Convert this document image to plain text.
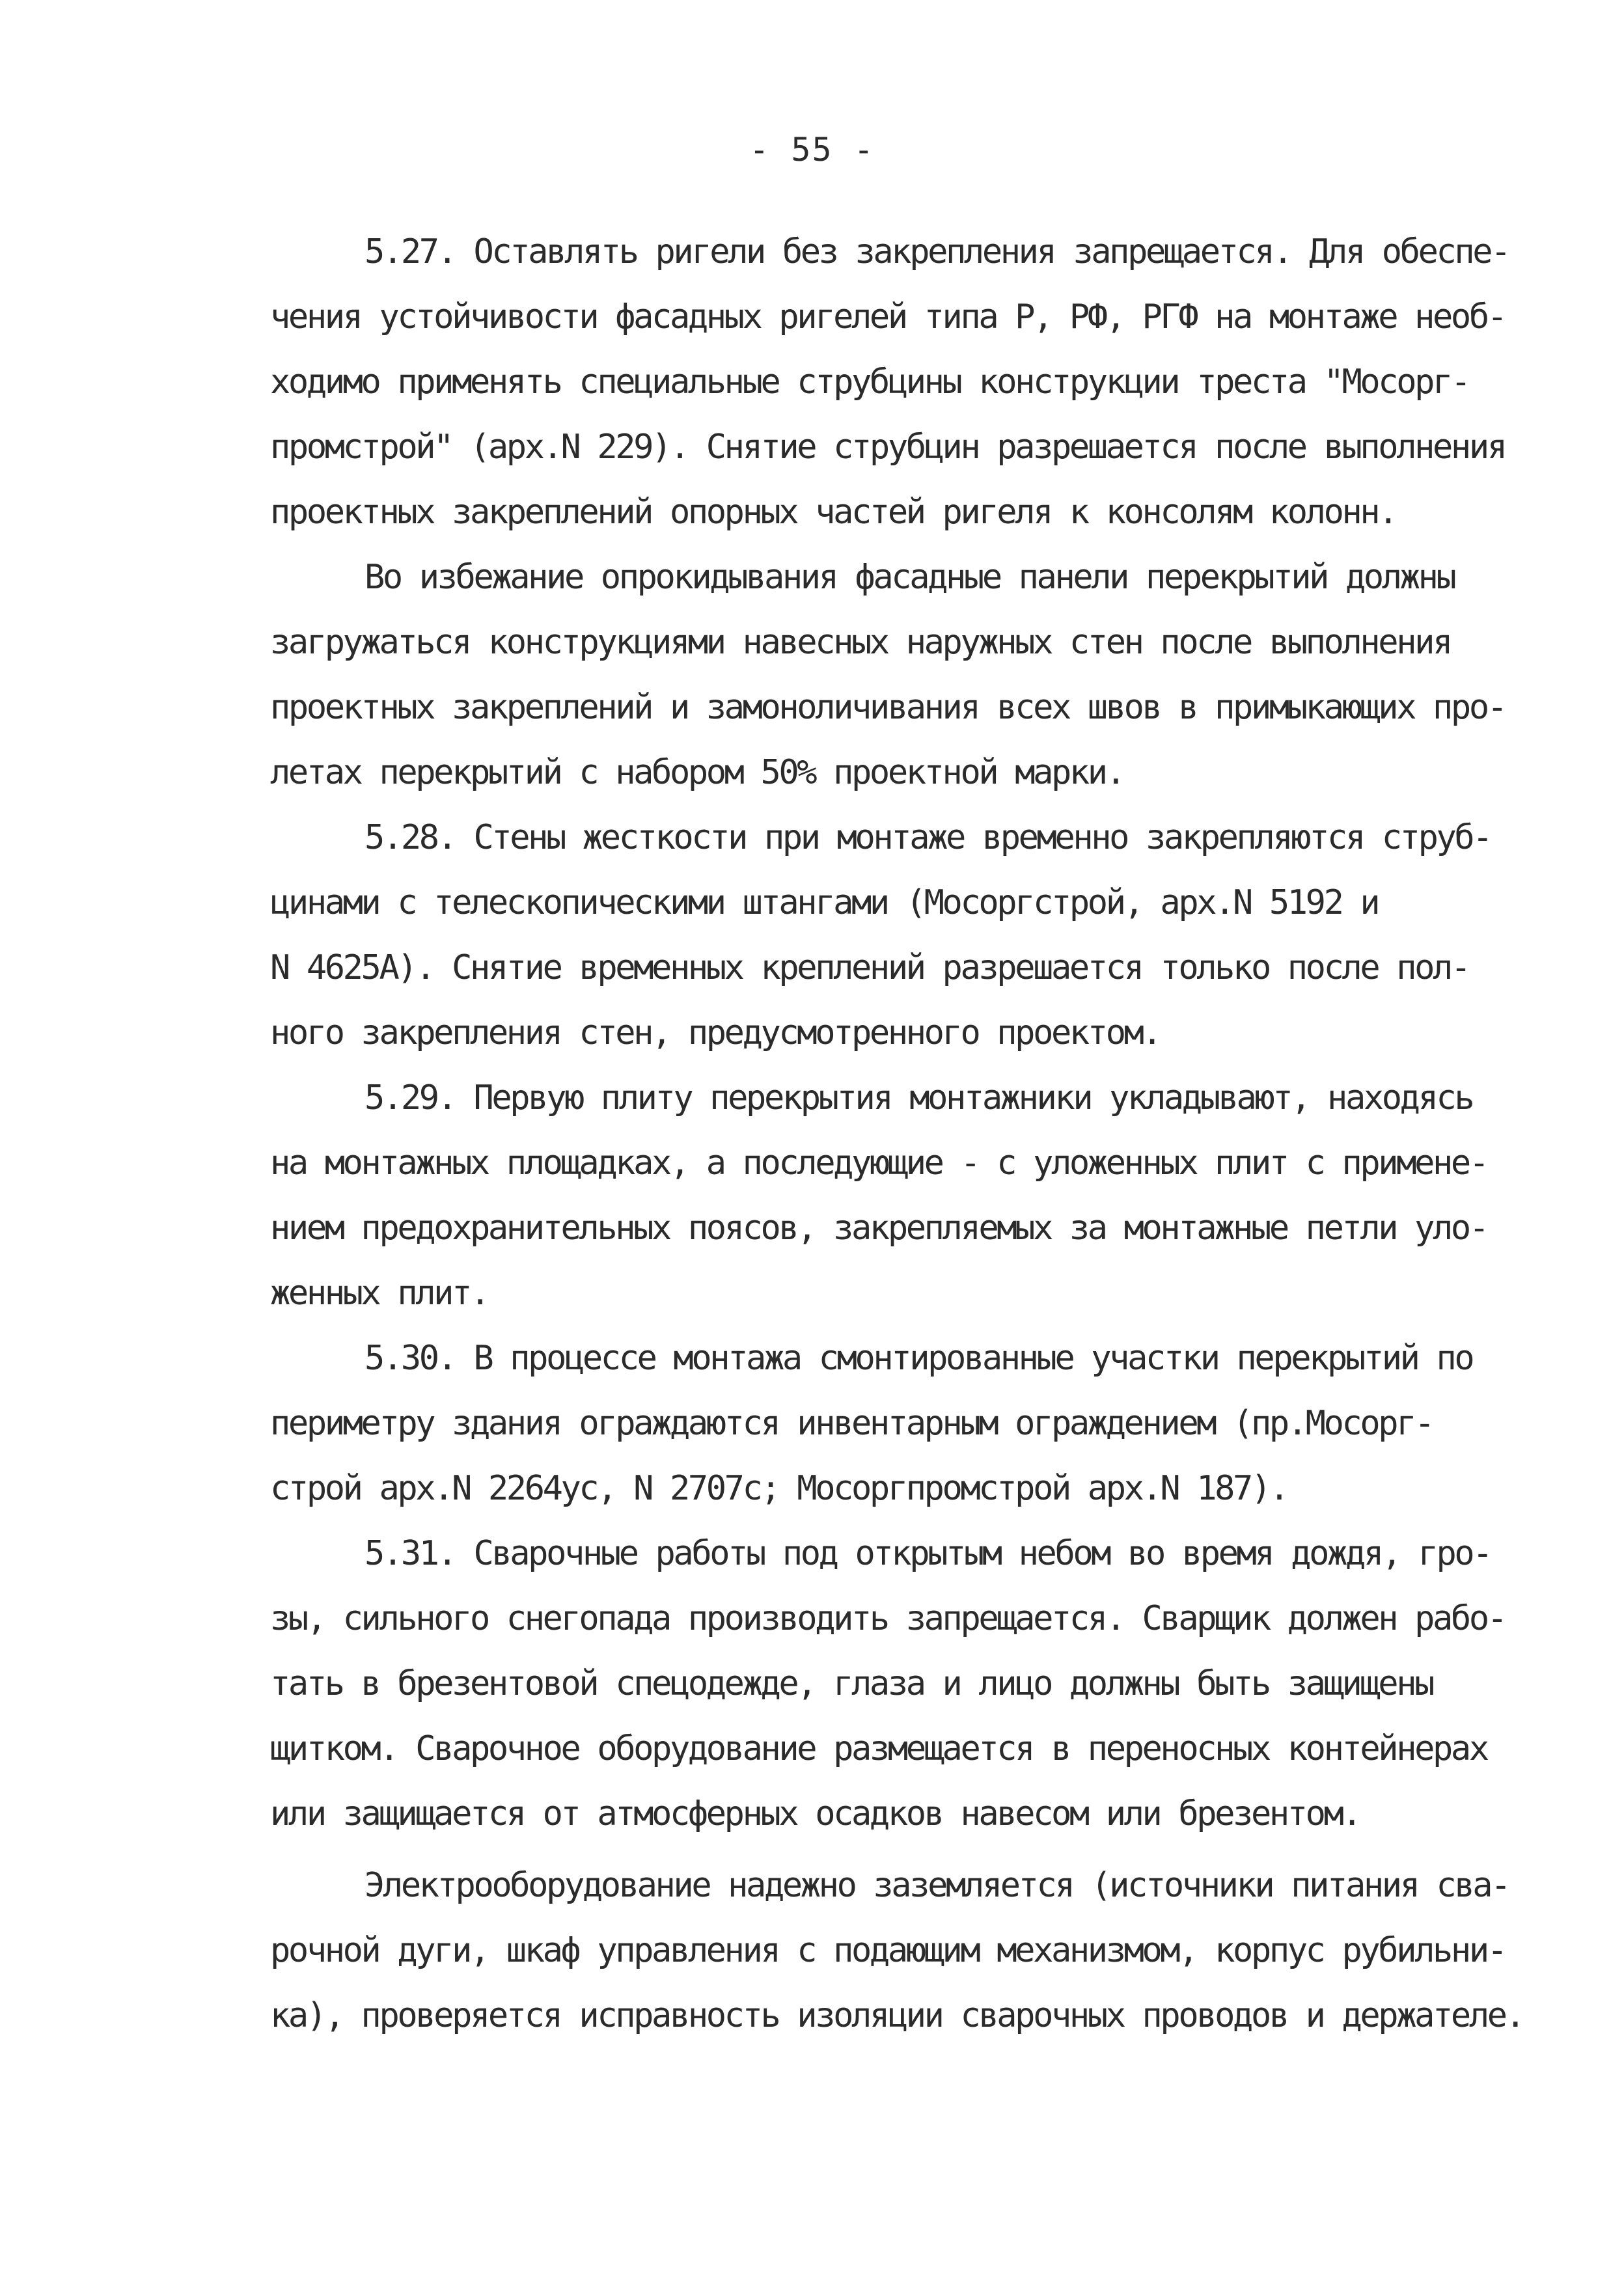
- 55 -
5.27. Оставлять ригели без закрепления запрещается. Для обеспе-
чения устойчивости фасадных ригелей типа Р, РФ, РГФ на монтаже необ-
ходимо применять специальные струбцины конструкции треста "Мосорг-
промстрой" (арх.N 229). Снятие струбцин разрешается после выполнения
проектных закреплений опорных частей ригеля к консолям колонн.
Во избежание опрокидывания фасадные панели перекрытий должны
загружаться конструкциями навесных наружных стен после выполнения
проектных закреплений и замоноличивания всех швов в примыкающих про-
летах перекрытий с набором 50% проектной марки.
5.28. Стены жесткости при монтаже временно закрепляются струб-
цинами с телескопическими штангами (Мосоргстрой, арх.N 5192 и
N 4625А). Снятие временных креплений разрешается только после пол-
ного закрепления стен, предусмотренного проектом.
5.29. Первую плиту перекрытия монтажники укладывают, находясь
на монтажных площадках, а последующие - с уложенных плит с примене-
нием предохранительных поясов, закрепляемых за монтажные петли уло-
женных плит.
5.30. В процессе монтажа смонтированные участки перекрытий по
периметру здания ограждаются инвентарным ограждением (пр.Мосорг-
строй арх.N 2264ус, N 2707с; Мосоргпромстрой арх.N 187).
5.31. Сварочные работы под открытым небом во время дождя, гро-
зы, сильного снегопада производить запрещается. Сварщик должен рабо-
тать в брезентовой спецодежде, глаза и лицо должны быть защищены
щитком. Сварочное оборудование размещается в переносных контейнерах
или защищается от атмосферных осадков навесом или брезентом.
Электрооборудование надежно заземляется (источники питания сва-
рочной дуги, шкаф управления с подающим механизмом, корпус рубильни-
ка), проверяется исправность изоляции сварочных проводов и держателе.
